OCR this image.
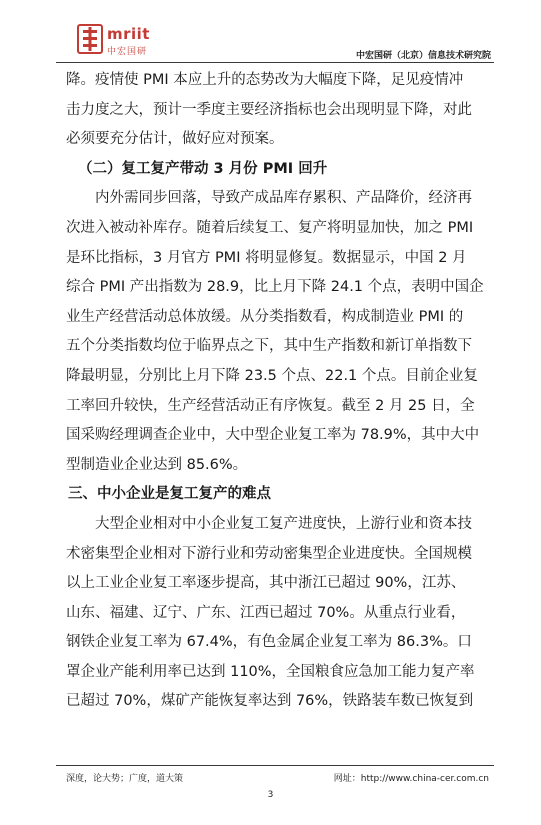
mriit
中宏国研	中宏国研（北京）信息技术研究院
降。疫情使 PMI 本应上升的态势改为大幅度下降，足见疫情冲
击力度之大，预计一季度主要经济指标也会出现明显下降，对此
必须要充分估计，做好应对预案。
（二）复工复产带动 3 月份 PMI 回升
内外需同步回落，导致产成品库存累积、产品降价，经济再
次进入被动补库存。随着后续复工、复产将明显加快，加之 PMI
是环比指标，3 月官方 PMI 将明显修复。数据显示，中国 2 月
综合 PMI 产出指数为 28.9，比上月下降 24.1 个点，表明中国企
业生产经营活动总体放缓。从分类指数看，构成制造业 PMI 的
五个分类指数均位于临界点之下，其中生产指数和新订单指数下
降最明显，分别比上月下降 23.5 个点、22.1 个点。目前企业复
工率回升较快，生产经营活动正有序恢复。截至 2 月 25 日，全
国采购经理调查企业中，大中型企业复工率为 78.9%，其中大中
型制造业企业达到 85.6%。
三、中小企业是复工复产的难点
大型企业相对中小企业复工复产进度快，上游行业和资本技
术密集型企业相对下游行业和劳动密集型企业进度快。全国规模
以上工业企业复工率逐步提高，其中浙江已超过 90%，江苏、
山东、福建、辽宁、广东、江西已超过 70%。从重点行业看，
钢铁企业复工率为 67.4%，有色金属企业复工率为 86.3%。口
罩企业产能利用率已达到 110%，全国粮食应急加工能力复产率
已超过 70%，煤矿产能恢复率达到 76%，铁路装车数已恢复到
深度，论大势；广度，道大策	网址：http://www.china-cer.com.cn
3
